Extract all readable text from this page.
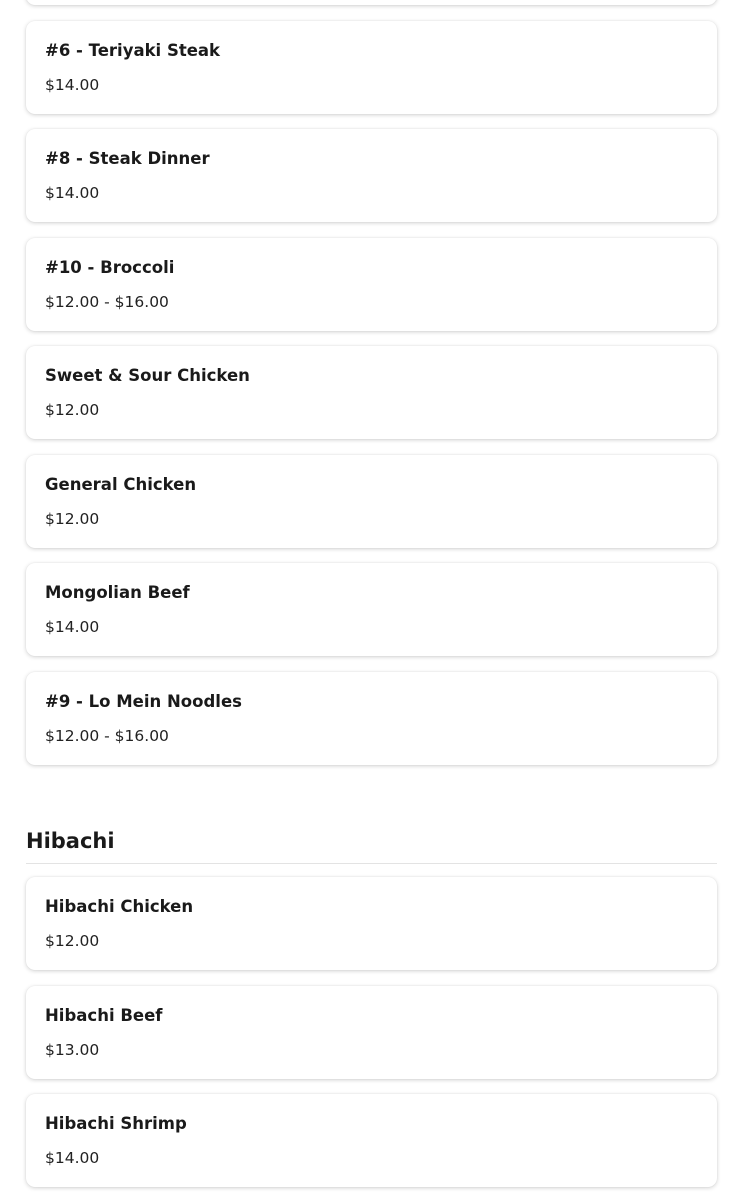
#6 - Teriyaki Steak
$14.00
#8 - Steak Dinner
$14.00
#10 - Broccoli
$12.00 - $16.00
Sweet & Sour Chicken
$12.00
General Chicken
$12.00
Mongolian Beef
$14.00
#9 - Lo Mein Noodles
$12.00 - $16.00
Hibachi
Hibachi Chicken
$12.00
Hibachi Beef
$13.00
Hibachi Shrimp
$14.00
